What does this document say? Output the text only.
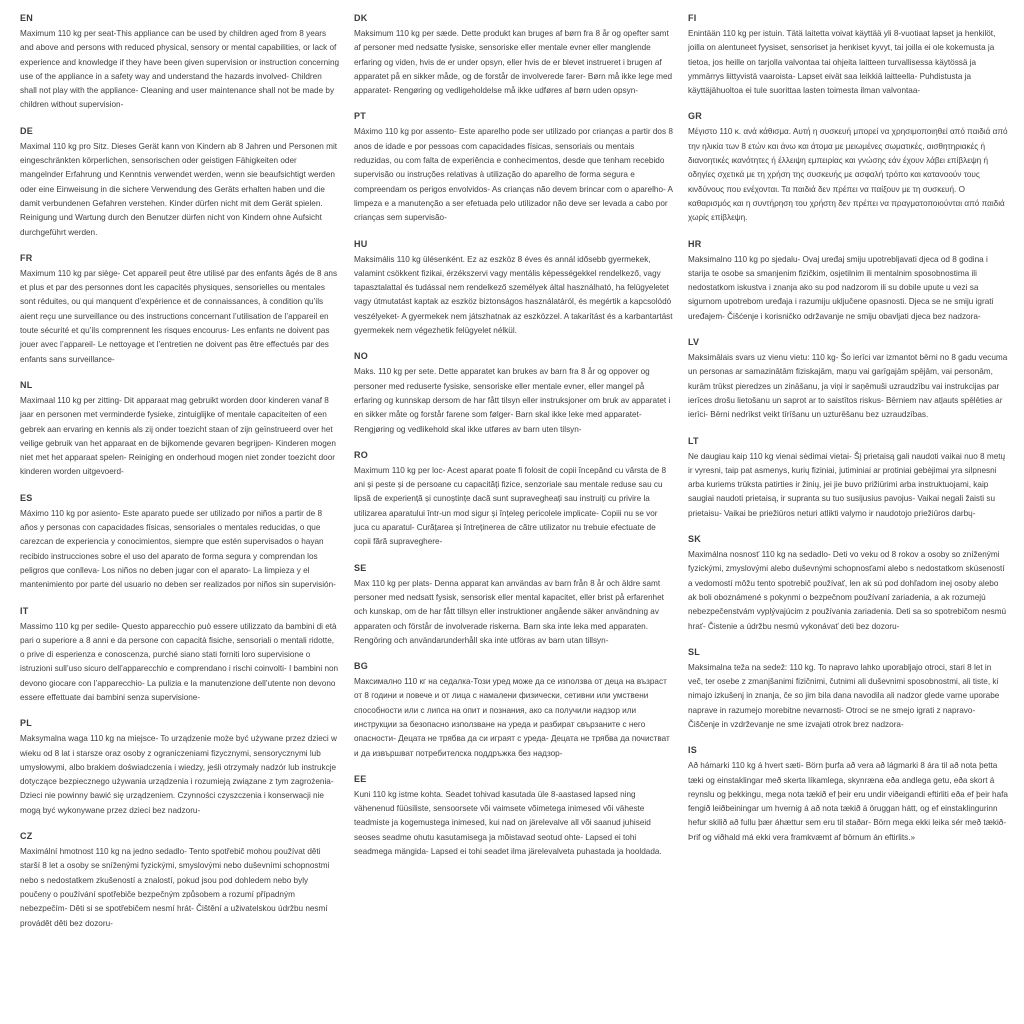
EN

Maximum 110 kg per seat-This appliance can be used by children aged from 8 years and above and persons with reduced physical, sensory or mental capabilities, or lack of experience and knowledge if they have been given supervision or instruction concerning use of the appliance in a safety way and understand the hazards involved- Children shall not play with the appliance- Cleaning and user maintenance shall not be made by children without supervision-

DE

Maximal 110 kg pro Sitz. Dieses Gerät kann von Kindern ab 8 Jahren und Personen mit eingeschränkten körperlichen, sensorischen oder geistigen Fähigkeiten oder mangelnder Erfahrung und Kenntnis verwendet werden, wenn sie beaufsichtigt werden oder eine Einweisung in die sichere Verwendung des Geräts erhalten haben und die damit verbundenen Gefahren verstehen. Kinder dürfen nicht mit dem Gerät spielen. Reinigung und Wartung durch den Benutzer dürfen nicht von Kindern ohne Aufsicht durchgeführt werden.

FR

Maximum 110 kg par siège- Cet appareil peut être utilisé par des enfants âgés de 8 ans et plus et par des personnes dont les capacités physiques, sensorielles ou mentales sont réduites, ou qui manquent d’expérience et de connaissances, à condition qu’ils aient reçu une surveillance ou des instructions concernant l’utilisation de l’appareil en toute sécurité et qu’ils comprennent les risques encourus- Les enfants ne doivent pas jouer avec l’appareil- Le nettoyage et l’entretien ne doivent pas être effectués par des enfants sans surveillance-

NL

Maximaal 110 kg per zitting- Dit apparaat mag gebruikt worden door kinderen vanaf 8 jaar en personen met verminderde fysieke, zintuiglijke of mentale capaciteiten of een gebrek aan ervaring en kennis als zij onder toezicht staan of zijn geïnstrueerd over het veilige gebruik van het apparaat en de bijkomende gevaren begrijpen- Kinderen mogen niet met het apparaat spelen- Reiniging en onderhoud mogen niet zonder toezicht door kinderen worden uitgevoerd-

ES

Máximo 110 kg por asiento- Este aparato puede ser utilizado por niños a partir de 8 años y personas con capacidades físicas, sensoriales o mentales reducidas, o que carezcan de experiencia y conocimientos, siempre que estén supervisados o hayan recibido instrucciones sobre el uso del aparato de forma segura y comprendan los peligros que conlleva- Los niños no deben jugar con el aparato- La limpieza y el mantenimiento por parte del usuario no deben ser realizados por niños sin supervisión-

IT

Massimo 110 kg per sedile- Questo apparecchio può essere utilizzato da bambini di età pari o superiore a 8 anni e da persone con capacità fisiche, sensoriali o mentali ridotte, o prive di esperienza e conoscenza, purché siano stati forniti loro supervisione o istruzioni sull’uso sicuro dell’apparecchio e comprendano i rischi coinvolti- I bambini non devono giocare con l’apparecchio- La pulizia e la manutenzione dell’utente non devono essere effettuate dai bambini senza supervisione-

PL

Maksymalna waga 110 kg na miejsce- To urządzenie może być używane przez dzieci w wieku od 8 lat i starsze oraz osoby z ograniczeniami fizycznymi, sensorycznymi lub umysłowymi, albo brakiem doświadczenia i wiedzy, jeśli otrzymały nadzór lub instrukcje dotyczące bezpiecznego używania urządzenia i rozumieją związane z tym zagrożenia- Dzieci nie powinny bawić się urządzeniem. Czynności czyszczenia i konserwacji nie mogą być wykonywane przez dzieci bez nadzoru-

CZ

Maximální hmotnost 110 kg na jedno sedadlo- Tento spotřebič mohou používat děti starší 8 let a osoby se sníženými fyzickými, smyslovými nebo duševními schopnostmi nebo s nedostatkem zkušeností a znalostí, pokud jsou pod dohledem nebo byly poučeny o používání spotřebiče bezpečným způsobem a rozumí případným nebezpečím- Děti si se spotřebičem nesmí hrát- Čištění a uživatelskou údržbu nesmí provádět děti bez dozoru-

DK

Maksimum 110 kg per sæde. Dette produkt kan bruges af børn fra 8 år og opefter samt af personer med nedsatte fysiske, sensoriske eller mentale evner eller manglende erfaring og viden, hvis de er under opsyn, eller hvis de er blevet instrueret i brugen af apparatet på en sikker måde, og de forstår de involverede farer- Børn må ikke lege med apparatet- Rengøring og vedligeholdelse må ikke udføres af børn uden opsyn-

PT

Máximo 110 kg por assento- Este aparelho pode ser utilizado por crianças a partir dos 8 anos de idade e por pessoas com capacidades físicas, sensoriais ou mentais reduzidas, ou com falta de experiência e conhecimentos, desde que tenham recebido supervisão ou instruções relativas à utilização do aparelho de forma segura e compreendam os perigos envolvidos- As crianças não devem brincar com o aparelho- A limpeza e a manutenção a ser efetuada pelo utilizador não deve ser levada a cabo por crianças sem supervisão-

HU

Maksimális 110 kg ülésenként. Ez az eszköz 8 éves és annál idősebb gyermekek, valamint csökkent fizikai, érzékszervi vagy mentális képességekkel rendelkező, vagy tapasztalattal és tudással nem rendelkező személyek által használható, ha felügyeletet vagy útmutatást kaptak az eszköz biztonságos használatáról, és megértik a kapcsolódó veszélyeket- A gyermekek nem játszhatnak az eszközzel. A takarítást és a karbantartást gyermekek nem végezhetik felügyelet nélkül.

NO

Maks. 110 kg per sete. Dette apparatet kan brukes av barn fra 8 år og oppover og personer med reduserte fysiske, sensoriske eller mentale evner, eller mangel på erfaring og kunnskap dersom de har fått tilsyn eller instruksjoner om bruk av apparatet i en sikker måte og forstår farene som følger- Barn skal ikke leke med apparatet- Rengjøring og vedlikehold skal ikke utføres av barn uten tilsyn-

RO

Maximum 110 kg per loc- Acest aparat poate fi folosit de copii începând cu vârsta de 8 ani și peste și de persoane cu capacități fizice, senzoriale sau mentale reduse sau cu lipsă de experiență și cunoștințe dacă sunt supravegheați sau instruiți cu privire la utilizarea aparatului într-un mod sigur și înțeleg pericolele implicate- Copiii nu se vor juca cu aparatul- Curățarea și întreținerea de către utilizator nu trebuie efectuate de copii fără supraveghere-

SE

Max 110 kg per plats- Denna apparat kan användas av barn från 8 år och äldre samt personer med nedsatt fysisk, sensorisk eller mental kapacitet, eller brist på erfarenhet och kunskap, om de har fått tillsyn eller instruktioner angående säker användning av apparaten och förstår de involverade riskerna. Barn ska inte leka med apparaten. Rengöring och användarunderhåll ska inte utföras av barn utan tillsyn-

BG

Максимално 110 кг на седалка-Този уред може да се използва от деца на възраст от 8 години и повече и от лица с намалени физически, сетивни или умствени способности или с липса на опит и познания, ако са получили надзор или инструкции за безопасно използване на уреда и разбират свързаните с него опасности- Децата не трябва да си играят с уреда- Децата не трябва да почистват и да извършват потребителска поддръжка без надзор-

EE

Kuni 110 kg istme kohta. Seadet tohivad kasutada üle 8-aastased lapsed ning vähenenud füüsiliste, sensoorsete või vaimsete võimetega inimesed või väheste teadmiste ja kogemustega inimesed, kui nad on järelevalve all või saanud juhiseid seoses seadme ohutu kasutamisega ja mõistavad seotud ohte- Lapsed ei tohi seadmega mängida- Lapsed ei tohi seadet ilma järelevalveta puhastada ja hooldada.

FI

Enintään 110 kg per istuin. Tätä laitetta voivat käyttää yli 8-vuotiaat lapset ja henkilöt, joilla on alentuneet fyysiset, sensoriset ja henkiset kyvyt, tai joilla ei ole kokemusta ja tietoa, jos heille on tarjolla valvontaa tai ohjeita laitteen turvallisessa käytössä ja ymmärrys liittyvistä vaaroista- Lapset eivät saa leikkiä laitteella- Puhdistusta ja käyttäjähuoltoa ei tule suorittaa lasten toimesta ilman valvontaa-

GR

Μέγιστο 110 κ. ανά κάθισμα. Αυτή η συσκευή μπορεί να χρησιμοποιηθεί από παιδιά από την ηλικία των 8 ετών και άνω και άτομα με μειωμένες σωματικές, αισθητηριακές ή διανοητικές ικανότητες ή έλλειψη εμπειρίας και γνώσης εάν έχουν λάβει επίβλεψη ή οδηγίες σχετικά με τη χρήση της συσκευής με ασφαλή τρόπο και κατανοούν τους κινδύνους που ενέχονται. Τα παιδιά δεν πρέπει να παίξουν με τη συσκευή. Ο καθαρισμός και η συντήρηση του χρήστη δεν πρέπει να πραγματοποιούνται από παιδιά χωρίς επίβλεψη.

HR

Maksimalno 110 kg po sjedalu- Ovaj uređaj smiju upotrebljavati djeca od 8 godina i starija te osobe sa smanjenim fizičkim, osjetilnim ili mentalnim sposobnostima ili nedostatkom iskustva i znanja ako su pod nadzorom ili su dobile upute u vezi sa sigurnom upotrebom uređaja i razumiju uključene opasnosti. Djeca se ne smiju igrati uređajem- Čišćenje i korisničko održavanje ne smiju obavljati djeca bez nadzora-

LV

Maksimālais svars uz vienu vietu: 110 kg- Šo ierīci var izmantot bērni no 8 gadu vecuma un personas ar samazinātām fiziskajām, maņu vai garīgajām spējām, vai personām, kurām trūkst pieredzes un zināšanu, ja viņi ir saņēmuši uzraudzību vai instrukcijas par ierīces drošu lietošanu un saprot ar to saistītos riskus- Bērniem nav atļauts spēlēties ar ierīci- Bērni nedrīkst veikt tīrīšanu un uzturēšanu bez uzraudzības.

LT

Ne daugiau kaip 110 kg vienai sėdimai vietai- Šį prietaisą gali naudoti vaikai nuo 8 metų ir vyresni, taip pat asmenys, kurių fiziniai, jutiminiai ar protiniai gebėjimai yra silpnesni arba kuriems trūksta patirties ir žinių, jei jie buvo prižiūrimi arba instruktuojami, kaip saugiai naudoti prietaisą, ir supranta su tuo susijusius pavojus- Vaikai negali žaisti su prietaisu- Vaikai be priežiūros neturi atlikti valymo ir naudotojo priežiūros darbų-

SK

Maximálna nosnosť 110 kg na sedadlo- Deti vo veku od 8 rokov a osoby so zníženými fyzickými, zmyslovými alebo duševnými schopnosťami alebo s nedostatkom skúseností a vedomostí môžu tento spotrebič používať, len ak sú pod dohľadom inej osoby alebo ak boli oboznámené s pokynmi o bezpečnom používaní zariadenia, a ak rozumejú nebezpečenstvám vyplývajúcim z používania zariadenia. Deti sa so spotrebičom nesmú hrať- Čistenie a údržbu nesmú vykonávať deti bez dozoru-

SL

Maksimalna teža na sedež: 110 kg. To napravo lahko uporabljajo otroci, stari 8 let in več, ter osebe z zmanjšanimi fizičnimi, čutnimi ali duševnimi sposobnostmi, ali tiste, ki nimajo izkušenj in znanja, če so jim bila dana navodila ali nadzor glede varne uporabe naprave in razumejo morebitne nevarnosti- Otroci se ne smejo igrati z napravo- Čiščenje in vzdrževanje ne sme izvajati otrok brez nadzora-

IS

Að hámarki 110 kg á hvert sæti- Börn þurfa að vera að lágmarki 8 ára til að nota þetta tæki og einstaklingar með skerta líkamlega, skynræna eða andlega getu, eða skort á reynslu og þekkingu, mega nota tækið ef þeir eru undir viðeigandi eftirliti eða ef þeir hafa fengið leiðbeiningar um hvernig á að nota tækið á öruggan hátt, og ef einstaklingurinn hefur skilið að fullu þær áhættur sem eru til staðar- Börn mega ekki leika sér með tækið- Þrif og viðhald má ekki vera framkvæmt af börnum án eftirlits.»
